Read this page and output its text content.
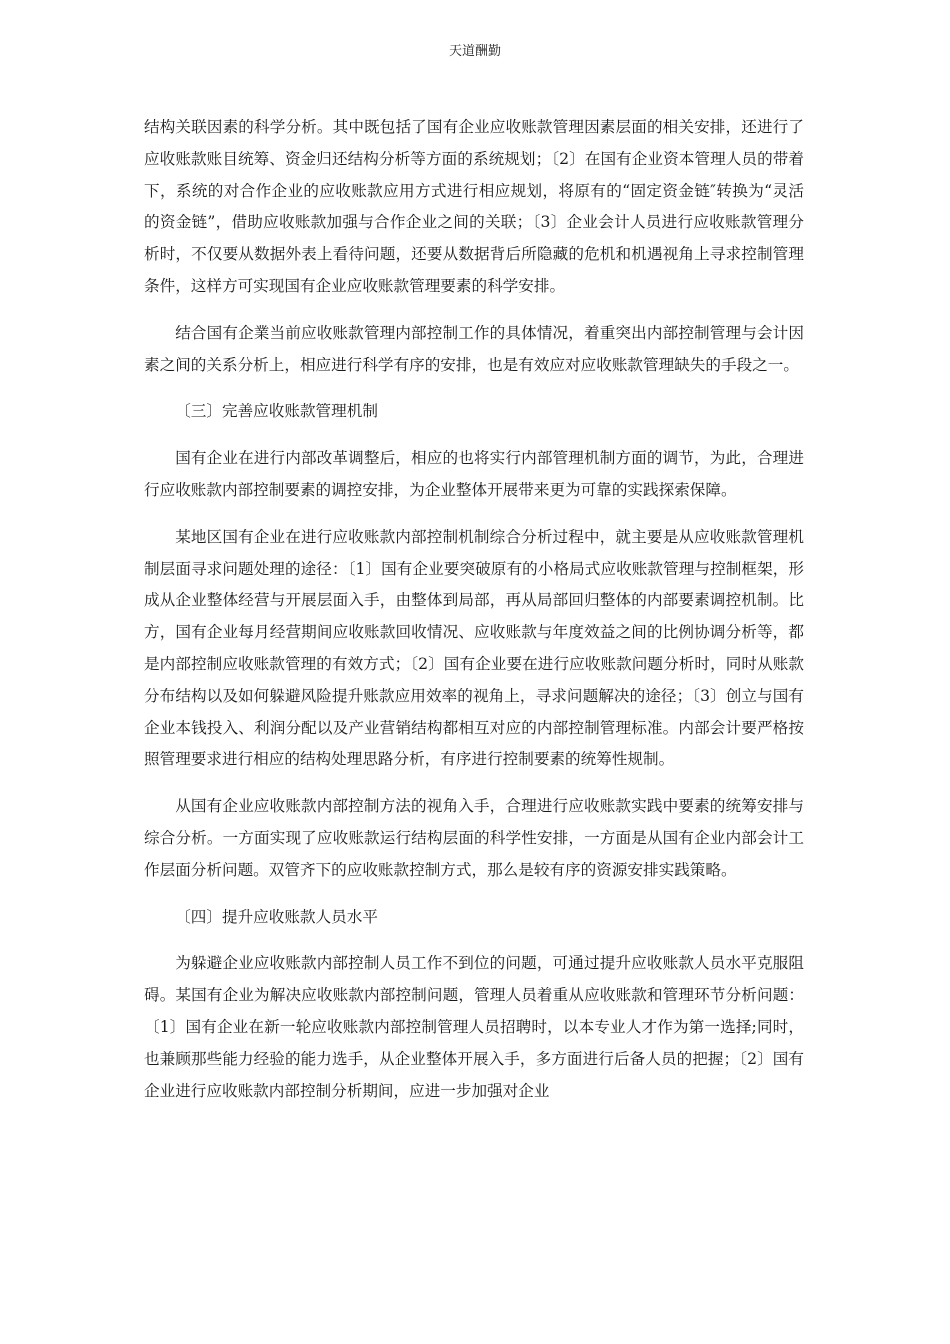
天道酬勤

结构关联因素的科学分析。其中既包括了国有企业应收账款管理因素层面的相关安排，还进行了应收账款账目统筹、资金归还结构分析等方面的系统规划；〔2〕在国有企业资本管理人员的带着下，系统的对合作企业的应收账款应用方式进行相应规划，将原有的“固定资金链″转换为“灵活的资金链”，借助应收账款加强与合作企业之间的关联；〔3〕企业会计人员进行应收账款管理分析时，不仅要从数据外表上看待问题，还要从数据背后所隐藏的危机和机遇视角上寻求控制管理条件，这样方可实现国有企业应收账款管理要素的科学安排。

结合国有企業当前应收账款管理内部控制工作的具体情况，着重突出内部控制管理与会计因素之间的关系分析上，相应进行科学有序的安排，也是有效应对应收账款管理缺失的手段之一。

〔三〕完善应收账款管理机制

国有企业在进行内部改革调整后，相应的也将实行内部管理机制方面的调节，为此，合理进行应收账款内部控制要素的调控安排，为企业整体开展带来更为可靠的实践探索保障。

某地区国有企业在进行应收账款内部控制机制综合分析过程中，就主要是从应收账款管理机制层面寻求问题处理的途径：〔1〕国有企业要突破原有的小格局式应收账款管理与控制框架，形成从企业整体经营与开展层面入手，由整体到局部，再从局部回归整体的内部要素调控机制。比方，国有企业每月经营期间应收账款回收情况、应收账款与年度效益之间的比例协调分析等，都是内部控制应收账款管理的有效方式；〔2〕国有企业要在进行应收账款问题分析时，同时从账款分布结构以及如何躲避风险提升账款应用效率的视角上，寻求问题解决的途径；〔3〕创立与国有企业本钱投入、利润分配以及产业营销结构都相互对应的内部控制管理标准。内部会计要严格按照管理要求进行相应的结构处理思路分析，有序进行控制要素的统筹性规制。

从国有企业应收账款内部控制方法的视角入手，合理进行应收账款实践中要素的统筹安排与综合分析。一方面实现了应收账款运行结构层面的科学性安排，一方面是从国有企业内部会计工作层面分析问题。双管齐下的应收账款控制方式，那么是较有序的资源安排实践策略。

〔四〕提升应收账款人员水平

为躲避企业应收账款内部控制人员工作不到位的问题，可通过提升应收账款人员水平克服阻碍。某国有企业为解决应收账款内部控制问题，管理人员着重从应收账款和管理环节分析问题：〔1〕国有企业在新一轮应收账款内部控制管理人员招聘时，以本专业人才作为第一选择;同时，也兼顾那些能力经验的能力选手，从企业整体开展入手，多方面进行后备人员的把握；〔2〕国有企业进行应收账款内部控制分析期间，应进一步加强对企业
